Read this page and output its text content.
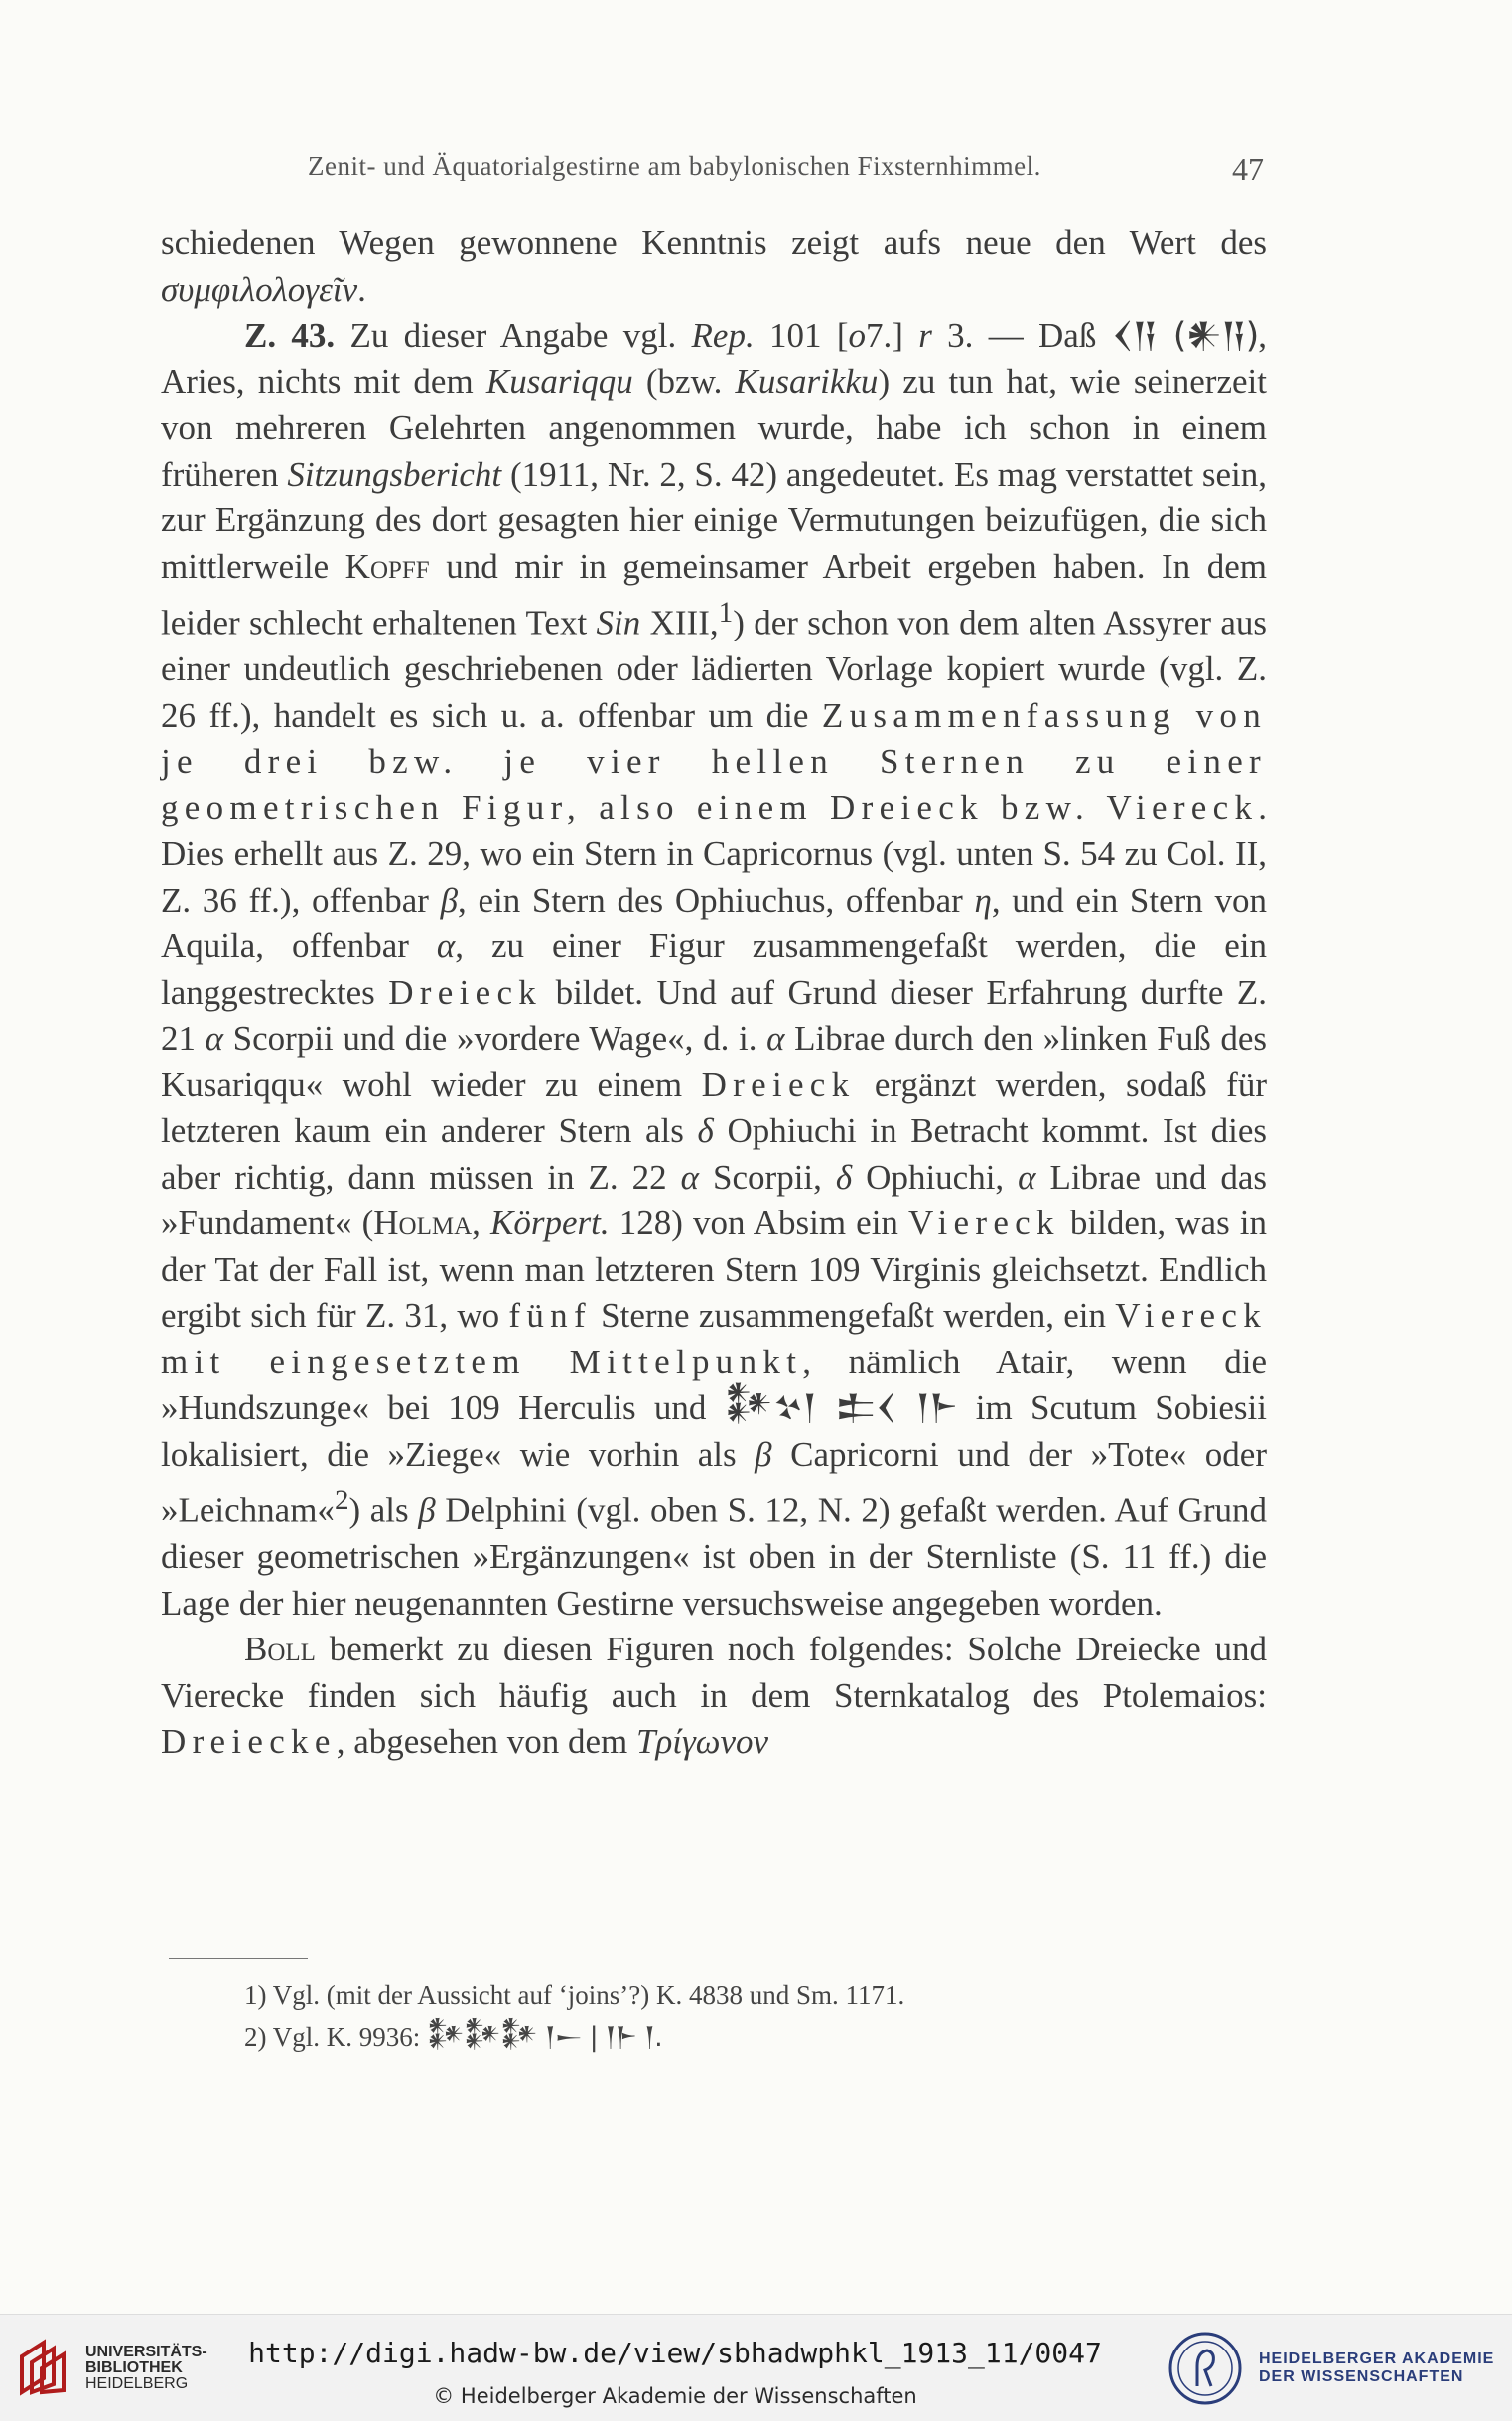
Zenit- und Äquatorialgestirne am babylonischen Fixsternhimmel.	47

schiedenen Wegen gewonnene Kenntnis zeigt aufs neue den Wert des συμφιλολογεῖν.

Z. 43. Zu dieser Angabe vgl. Rep. 101 [o7.] r 3. — Daß 𒌋𒀀 (𒀭𒀀), Aries, nichts mit dem Kusariqqu (bzw. Kusarikku) zu tun hat, wie seinerzeit von mehreren Gelehrten angenommen wurde, habe ich schon in einem früheren Sitzungsbericht (1911, Nr. 2, S. 42) angedeutet. Es mag verstattet sein, zur Ergänzung des dort gesagten hier einige Vermutungen beizufügen, die sich mittlerweile Kopff und mir in gemeinsamer Arbeit ergeben haben. In dem leider schlecht erhaltenen Text Sin XIII,$^1$) der schon von dem alten Assyrer aus einer undeutlich geschriebenen oder lädierten Vorlage kopiert wurde (vgl. Z. 26 ff.), handelt es sich u. a. offenbar um die Zusammenfassung von je drei bzw. je vier hellen Sternen zu einer geometrischen Figur, also einem Dreieck bzw. Viereck. Dies erhellt aus Z. 29, wo ein Stern in Capricornus (vgl. unten S. 54 zu Col. II, Z. 36 ff.), offenbar β, ein Stern des Ophiuchus, offenbar η, und ein Stern von Aquila, offenbar α, zu einer Figur zusammengefaßt werden, die ein langgestrecktes Dreieck bildet. Und auf Grund dieser Erfahrung durfte Z. 21 α Scorpii und die »vordere Wage«, d. i. α Librae durch den »linken Fuß des Kusariqqu« wohl wieder zu einem Dreieck ergänzt werden, sodaß für letzteren kaum ein anderer Stern als δ Ophiuchi in Betracht kommt. Ist dies aber richtig, dann müssen in Z. 22 α Scorpii, δ Ophiuchi, α Librae und das »Fundament« (Holma, Körpert. 128) von Absim ein Viereck bilden, was in der Tat der Fall ist, wenn man letzteren Stern 109 Virginis gleichsetzt. Endlich ergibt sich für Z. 31, wo fünf Sterne zusammengefaßt werden, ein Viereck mit eingesetztem Mittelpunkt, nämlich Atair, wenn die »Hundszunge« bei 109 Herculis und 𒀯𒆳𒁹 𒉺𒌋 𒁹𒈨 im Scutum Sobiesii lokalisiert, die »Ziege« wie vorhin als β Capricorni und der »Tote« oder »Leichnam«$^2$) als β Delphini (vgl. oben S. 12, N. 2) gefaßt werden. Auf Grund dieser geometrischen »Ergänzungen« ist oben in der Sternliste (S. 11 ff.) die Lage der hier neugenannten Gestirne versuchsweise angegeben worden.

Boll bemerkt zu diesen Figuren noch folgendes: Solche Dreiecke und Vierecke finden sich häufig auch in dem Sternkatalog des Ptolemaios: Dreiecke, abgesehen von dem Τρίγωνον

1) Vgl. (mit der Aussicht auf ‘joins’?) K. 4838 und Sm. 1171.

2) Vgl. K. 9936: 𒀯𒀯𒀯 𒁹𒀸 | 𒁹𒈨 𒁹.

UNIVERSITÄTS-
BIBLIOTHEK
HEIDELBERG
http://digi.hadw-bw.de/view/sbhadwphkl_1913_11/0047
© Heidelberger Akademie der Wissenschaften
HEIDELBERGER AKADEMIE
DER WISSENSCHAFTEN
